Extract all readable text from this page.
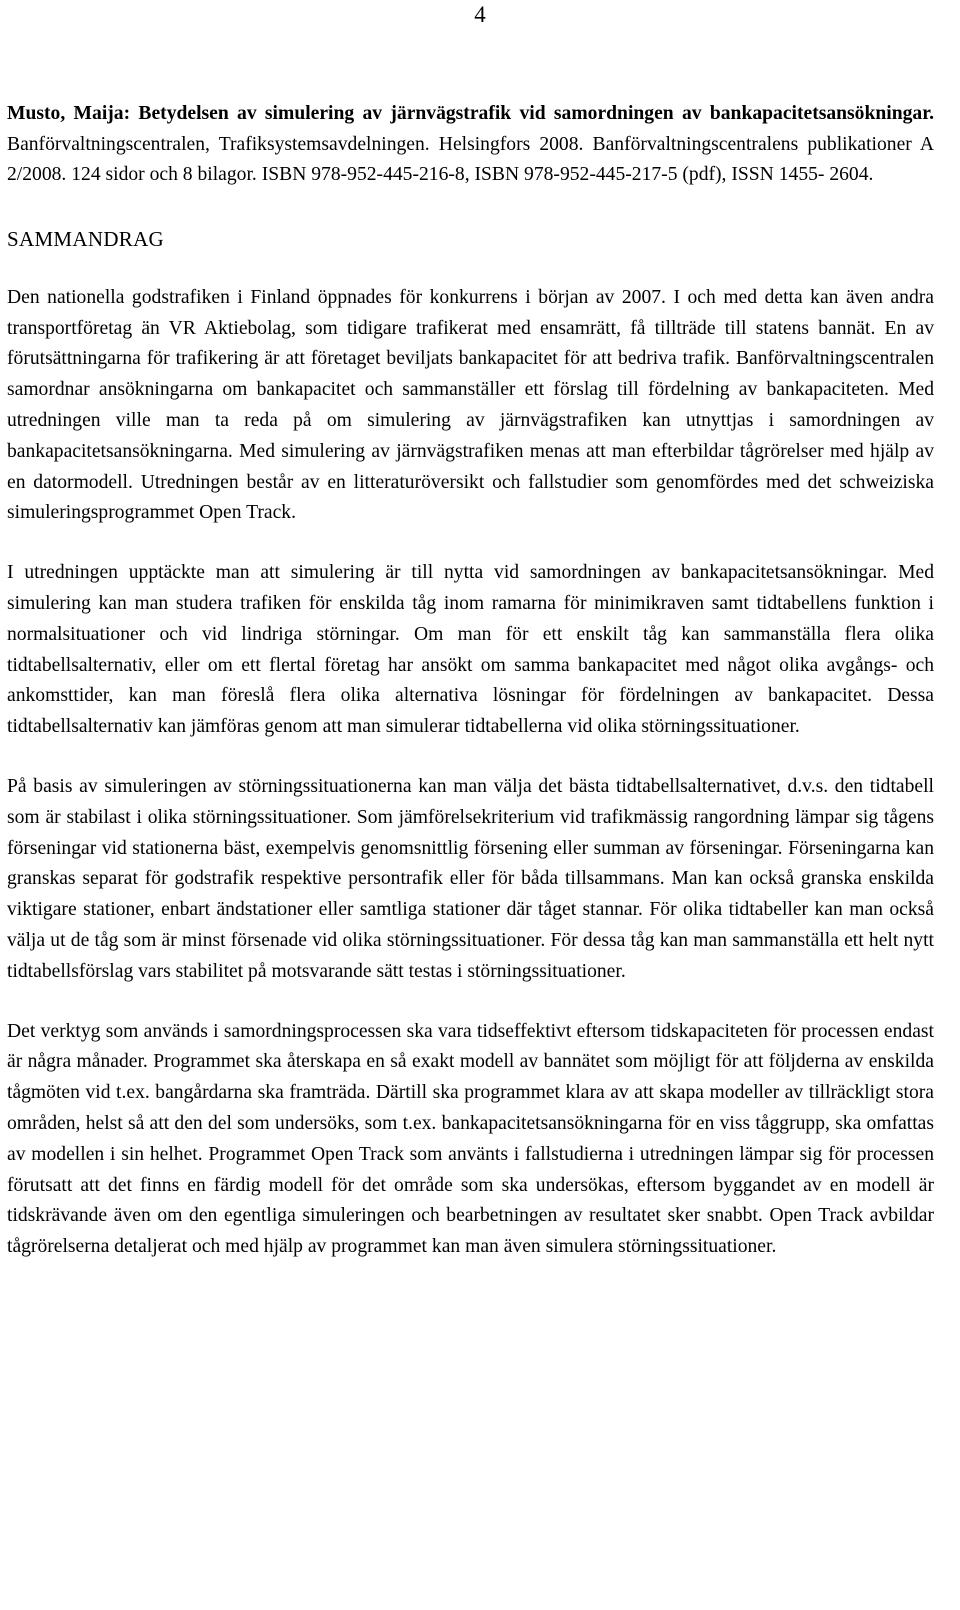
4

Musto, Maija: Betydelsen av simulering av järnvägstrafik vid samordningen av bankapacitetsansökningar. Banförvaltningscentralen, Trafiksystemsavdelningen. Helsingfors 2008. Banförvaltningscentralens publikationer A 2/2008. 124 sidor och 8 bilagor. ISBN 978-952-445-216-8, ISBN 978-952-445-217-5 (pdf), ISSN 1455- 2604.

SAMMANDRAG

Den nationella godstrafiken i Finland öppnades för konkurrens i början av 2007. I och med detta kan även andra transportföretag än VR Aktiebolag, som tidigare trafikerat med ensamrätt, få tillträde till statens bannät. En av förutsättningarna för trafikering är att företaget beviljats bankapacitet för att bedriva trafik. Banförvaltningscentralen samordnar ansökningarna om bankapacitet och sammanställer ett förslag till fördelning av bankapaciteten. Med utredningen ville man ta reda på om simulering av järnvägstrafiken kan utnyttjas i samordningen av bankapacitetsansökningarna. Med simulering av järnvägstrafiken menas att man efterbildar tågrörelser med hjälp av en datormodell. Utredningen består av en litteraturöversikt och fallstudier som genomfördes med det schweiziska simuleringsprogrammet Open Track.

I utredningen upptäckte man att simulering är till nytta vid samordningen av bankapacitetsansökningar. Med simulering kan man studera trafiken för enskilda tåg inom ramarna för minimikraven samt tidtabellens funktion i normalsituationer och vid lindriga störningar. Om man för ett enskilt tåg kan sammanställa flera olika tidtabellsalternativ, eller om ett flertal företag har ansökt om samma bankapacitet med något olika avgångs- och ankomsttider, kan man föreslå flera olika alternativa lösningar för fördelningen av bankapacitet. Dessa tidtabellsalternativ kan jämföras genom att man simulerar tidtabellerna vid olika störningssituationer.

På basis av simuleringen av störningssituationerna kan man välja det bästa tidtabellsalternativet, d.v.s. den tidtabell som är stabilast i olika störningssituationer. Som jämförelsekriterium vid trafikmässig rangordning lämpar sig tågens förseningar vid stationerna bäst, exempelvis genomsnittlig försening eller summan av förseningar. Förseningarna kan granskas separat för godstrafik respektive persontrafik eller för båda tillsammans. Man kan också granska enskilda viktigare stationer, enbart ändstationer eller samtliga stationer där tåget stannar. För olika tidtabeller kan man också välja ut de tåg som är minst försenade vid olika störningssituationer. För dessa tåg kan man sammanställa ett helt nytt tidtabellsförslag vars stabilitet på motsvarande sätt testas i störningssituationer.

Det verktyg som används i samordningsprocessen ska vara tidseffektivt eftersom tidskapaciteten för processen endast är några månader. Programmet ska återskapa en så exakt modell av bannätet som möjligt för att följderna av enskilda tågmöten vid t.ex. bangårdarna ska framträda. Därtill ska programmet klara av att skapa modeller av tillräckligt stora områden, helst så att den del som undersöks, som t.ex. bankapacitetsansökningarna för en viss tåggrupp, ska omfattas av modellen i sin helhet. Programmet Open Track som använts i fallstudierna i utredningen lämpar sig för processen förutsatt att det finns en färdig modell för det område som ska undersökas, eftersom byggandet av en modell är tidskrävande även om den egentliga simuleringen och bearbetningen av resultatet sker snabbt. Open Track avbildar tågrörelserna detaljerat och med hjälp av programmet kan man även simulera störningssituationer.
